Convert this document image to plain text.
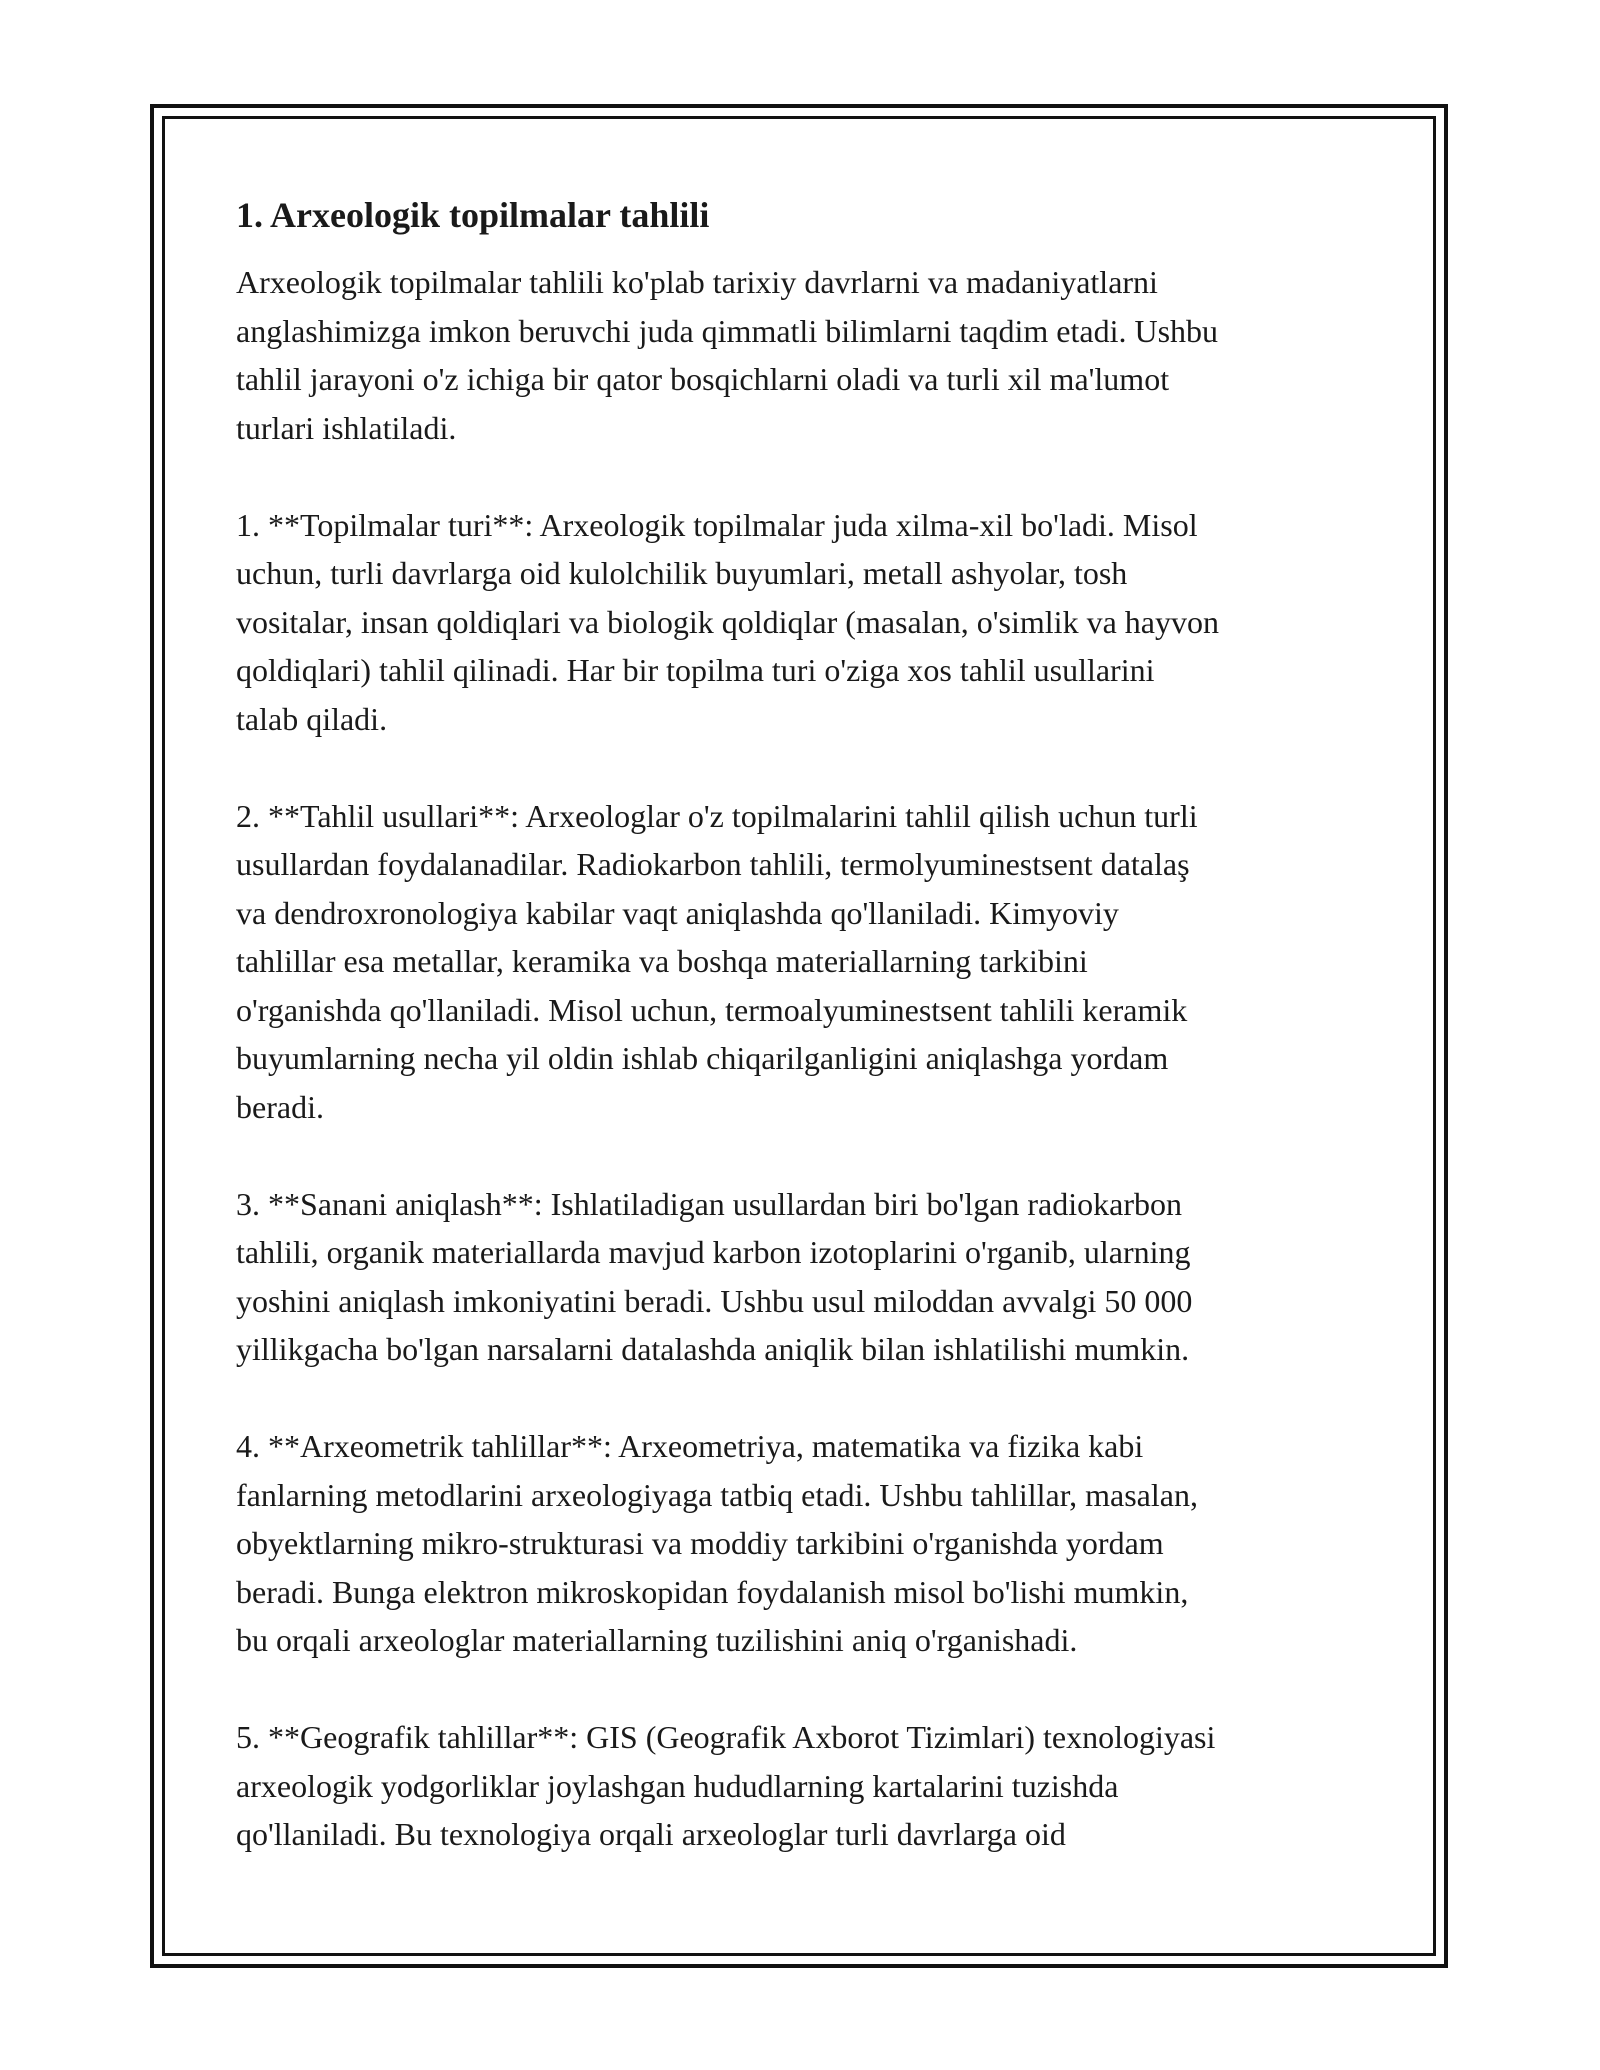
1. Arxeologik topilmalar tahlili

Arxeologik topilmalar tahlili ko'plab tarixiy davrlarni va madaniyatlarni
anglashimizga imkon beruvchi juda qimmatli bilimlarni taqdim etadi. Ushbu
tahlil jarayoni o'z ichiga bir qator bosqichlarni oladi va turli xil ma'lumot
turlari ishlatiladi.

1. **Topilmalar turi**: Arxeologik topilmalar juda xilma-xil bo'ladi. Misol
uchun, turli davrlarga oid kulolchilik buyumlari, metall ashyolar, tosh
vositalar, insan qoldiqlari va biologik qoldiqlar (masalan, o'simlik va hayvon
qoldiqlari) tahlil qilinadi. Har bir topilma turi o'ziga xos tahlil usullarini
talab qiladi.

2. **Tahlil usullari**: Arxeologlar o'z topilmalarini tahlil qilish uchun turli
usullardan foydalanadilar. Radiokarbon tahlili, termolyuminestsent datalaş
va dendroxronologiya kabilar vaqt aniqlashda qo'llaniladi. Kimyoviy
tahlillar esa metallar, keramika va boshqa materiallarning tarkibini
o'rganishda qo'llaniladi. Misol uchun, termoalyuminestsent tahlili keramik
buyumlarning necha yil oldin ishlab chiqarilganligini aniqlashga yordam
beradi.

3. **Sanani aniqlash**: Ishlatiladigan usullardan biri bo'lgan radiokarbon
tahlili, organik materiallarda mavjud karbon izotoplarini o'rganib, ularning
yoshini aniqlash imkoniyatini beradi. Ushbu usul miloddan avvalgi 50 000
yillikgacha bo'lgan narsalarni datalashda aniqlik bilan ishlatilishi mumkin.

4. **Arxeometrik tahlillar**: Arxeometriya, matematika va fizika kabi
fanlarning metodlarini arxeologiyaga tatbiq etadi. Ushbu tahlillar, masalan,
obyektlarning mikro-strukturasi va moddiy tarkibini o'rganishda yordam
beradi. Bunga elektron mikroskopidan foydalanish misol bo'lishi mumkin,
bu orqali arxeologlar materiallarning tuzilishini aniq o'rganishadi.

5. **Geografik tahlillar**: GIS (Geografik Axborot Tizimlari) texnologiyasi
arxeologik yodgorliklar joylashgan hududlarning kartalarini tuzishda
qo'llaniladi. Bu texnologiya orqali arxeologlar turli davrlarga oid
